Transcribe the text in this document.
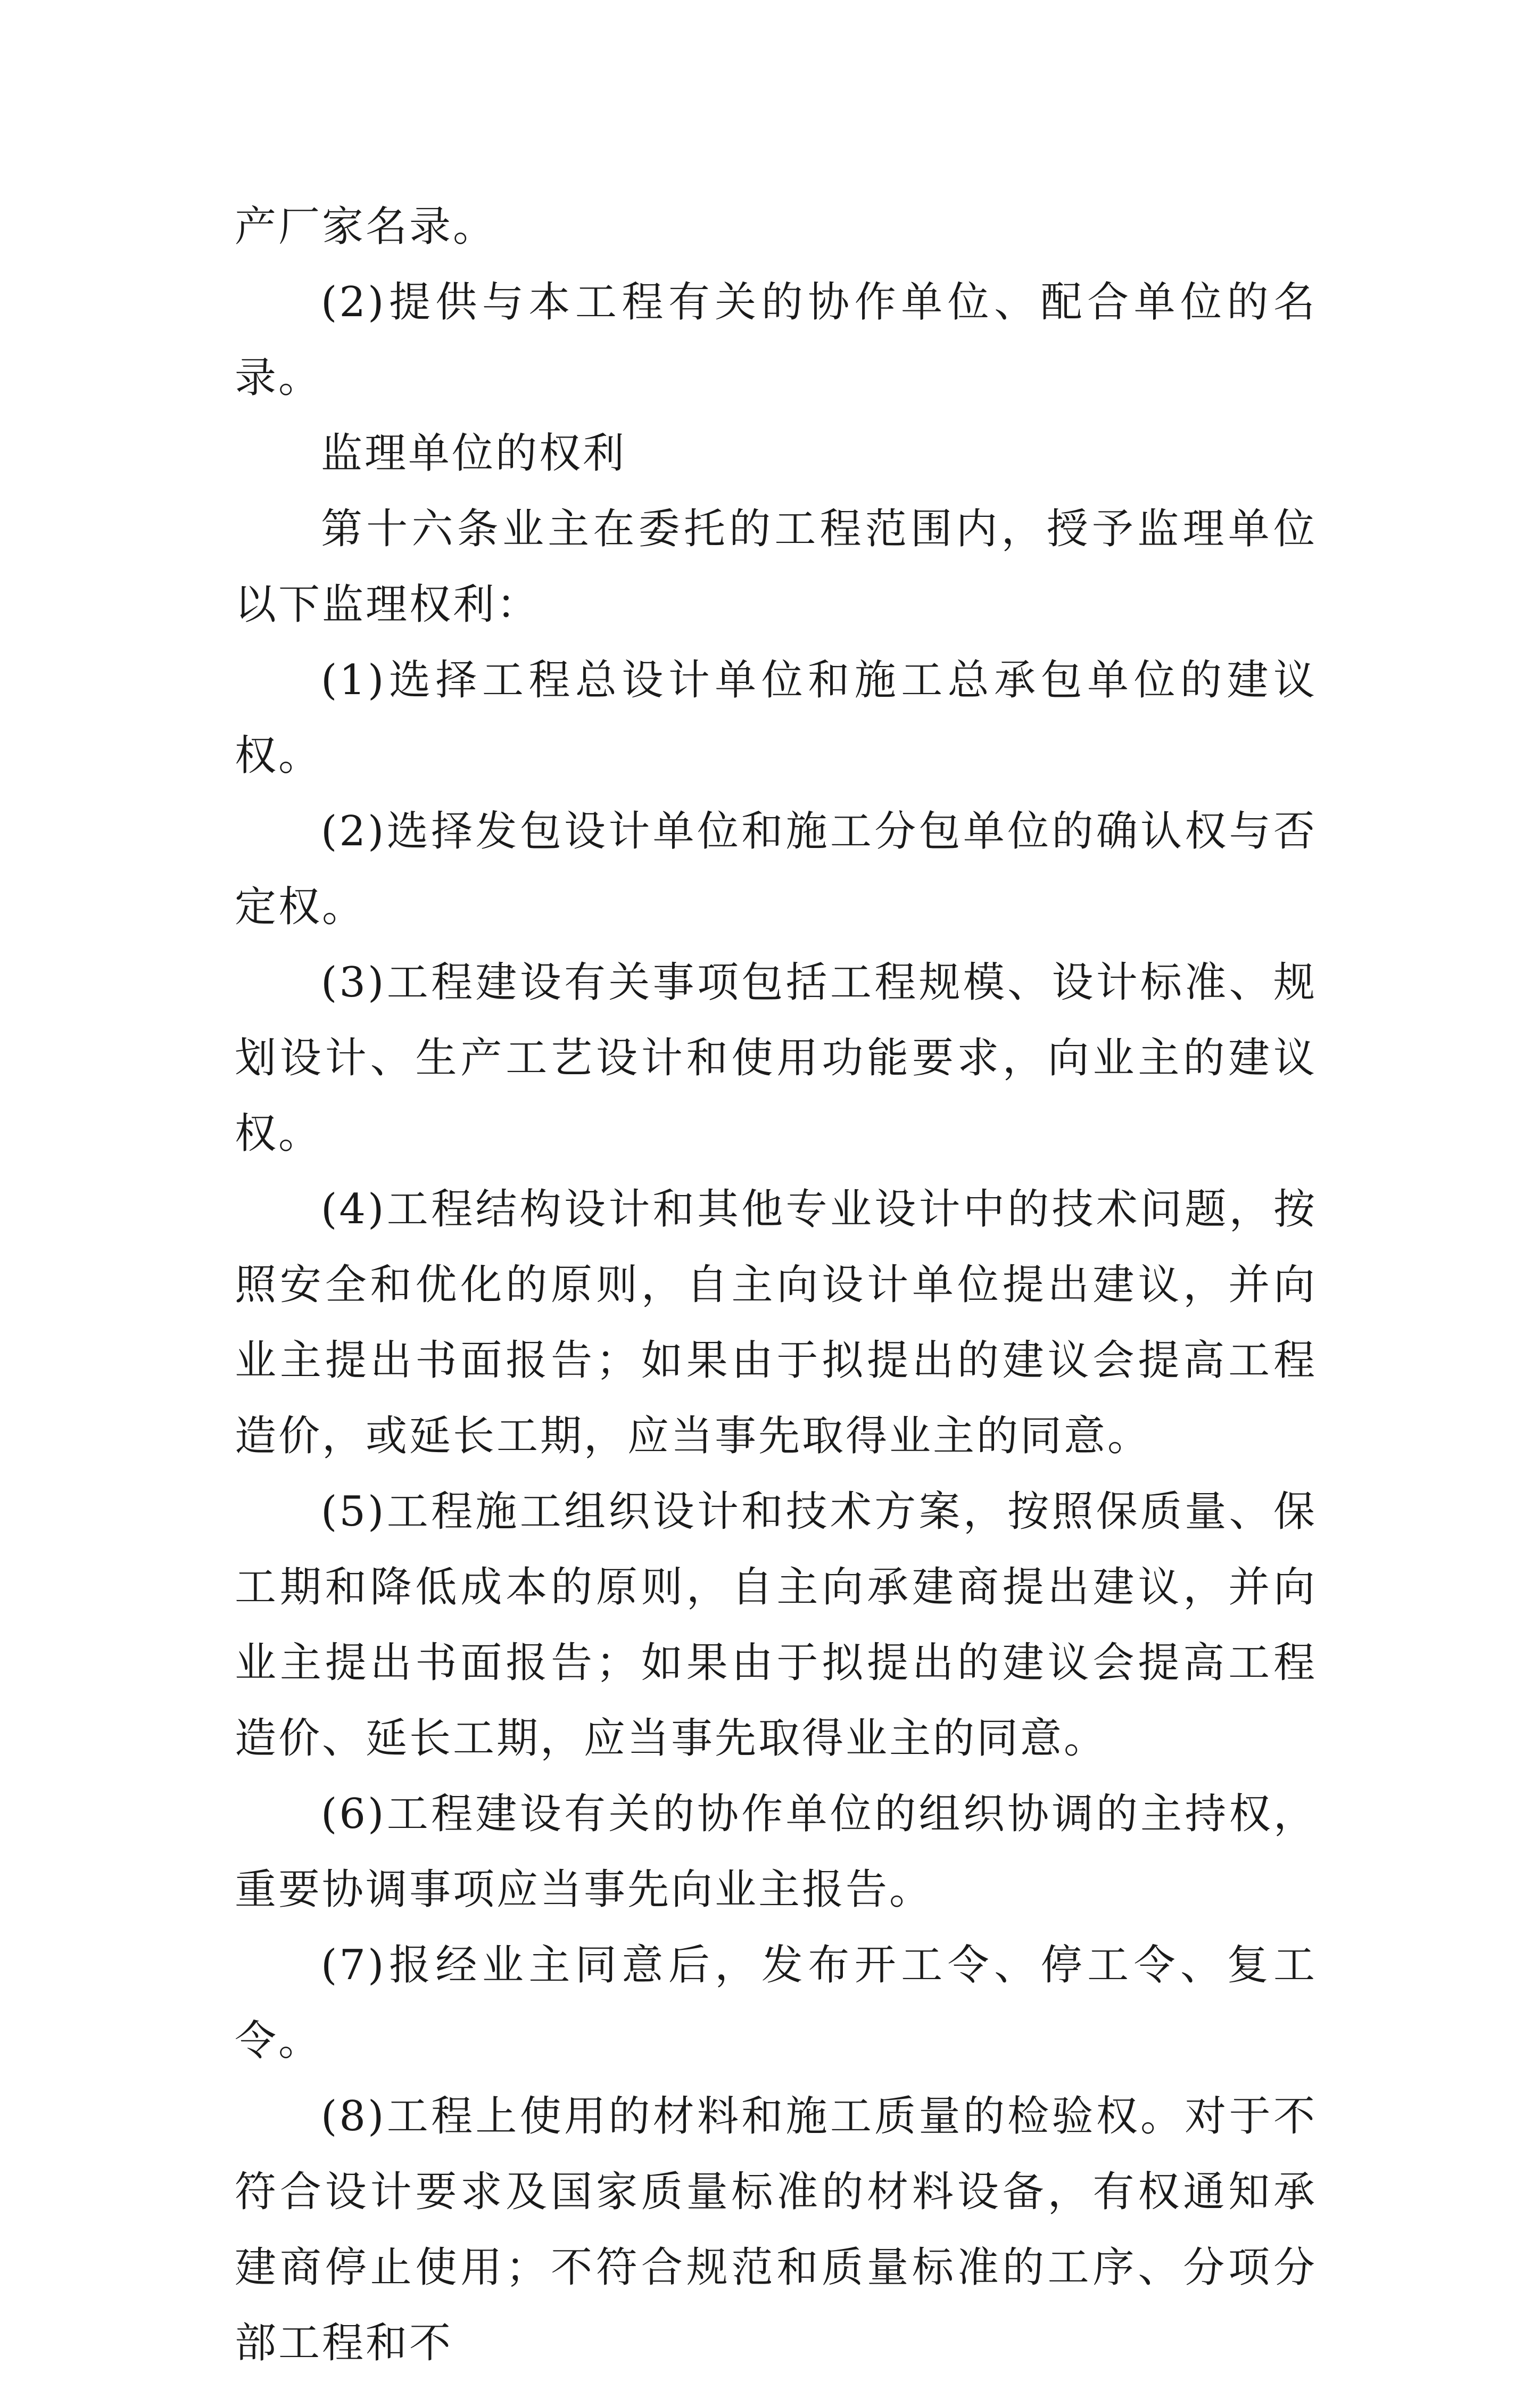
产厂家名录。

(2)提供与本工程有关的协作单位、配合单位的名录。

监理单位的权利

第十六条业主在委托的工程范围内，授予监理单位以下监理权利：

(1)选择工程总设计单位和施工总承包单位的建议权。

(2)选择发包设计单位和施工分包单位的确认权与否定权。

(3)工程建设有关事项包括工程规模、设计标准、规划设计、生产工艺设计和使用功能要求，向业主的建议权。

(4)工程结构设计和其他专业设计中的技术问题，按照安全和优化的原则，自主向设计单位提出建议，并向业主提出书面报告；如果由于拟提出的建议会提高工程造价，或延长工期，应当事先取得业主的同意。

(5)工程施工组织设计和技术方案，按照保质量、保工期和降低成本的原则，自主向承建商提出建议，并向业主提出书面报告；如果由于拟提出的建议会提高工程造价、延长工期，应当事先取得业主的同意。

(6)工程建设有关的协作单位的组织协调的主持权，重要协调事项应当事先向业主报告。

(7)报经业主同意后，发布开工令、停工令、复工令。

(8)工程上使用的材料和施工质量的检验权。对于不符合设计要求及国家质量标准的材料设备，有权通知承建商停止使用；不符合规范和质量标准的工序、分项分部工程和不
